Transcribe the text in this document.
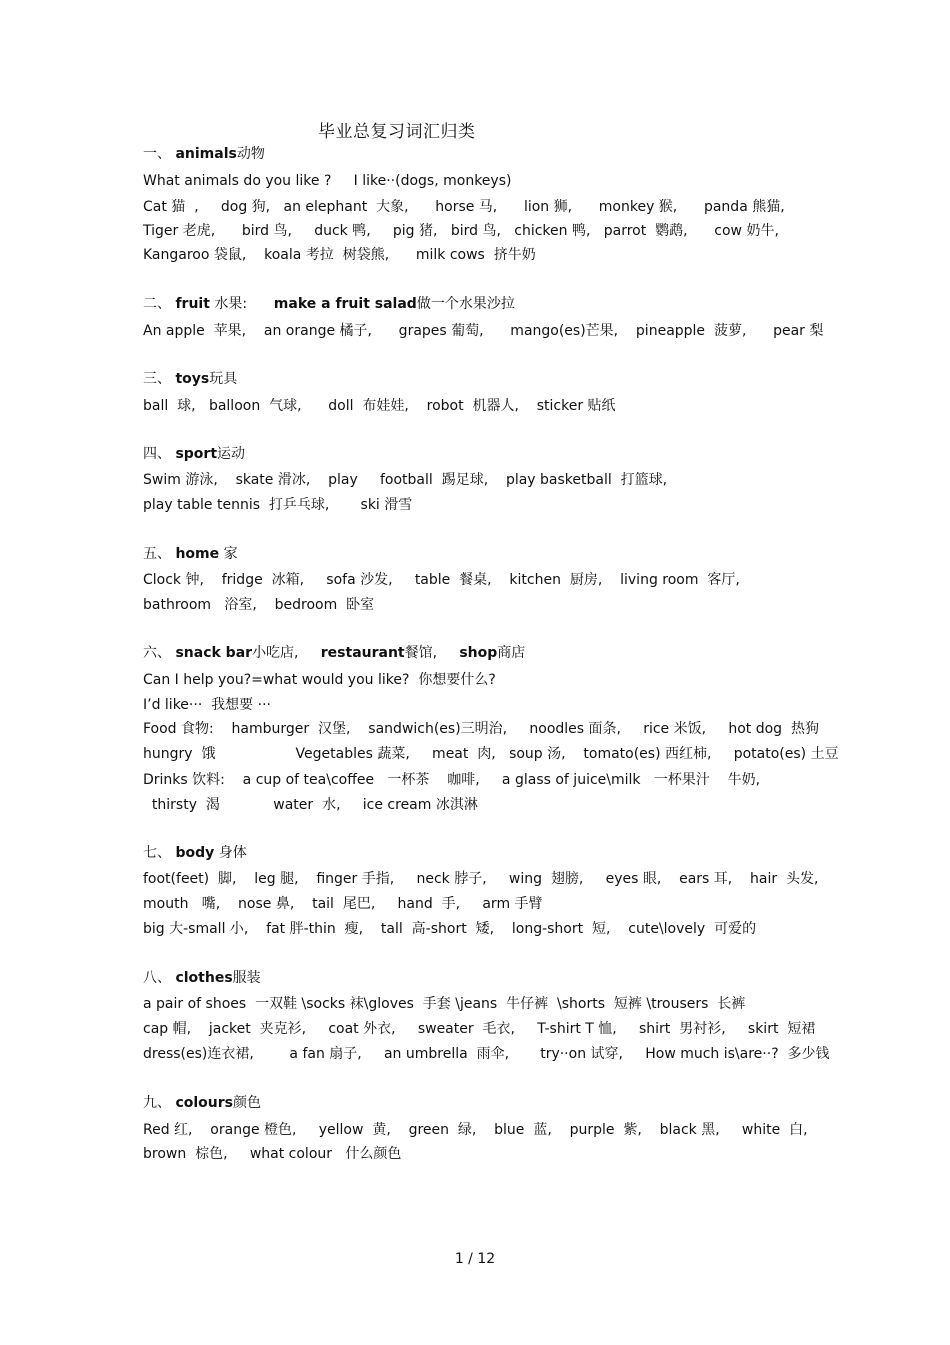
毕业总复习词汇归类
一、 animals动物
What animals do you like ?     I like··(dogs, monkeys)
Cat 猫  ,     dog 狗,   an elephant  大象,      horse 马,      lion 狮,      monkey 猴,      panda 熊猫,
Tiger 老虎,      bird 鸟,     duck 鸭,     pig 猪,   bird 鸟,   chicken 鸭,   parrot  鹦鹉,      cow 奶牛,
Kangaroo 袋鼠,    koala 考拉  树袋熊,      milk cows  挤牛奶
二、 fruit 水果:      make a fruit salad做一个水果沙拉
An apple  苹果,    an orange 橘子,      grapes 葡萄,      mango(es)芒果,    pineapple  菠萝,      pear 梨
三、 toys玩具
ball  球,   balloon  气球,      doll  布娃娃,    robot  机器人,    sticker 贴纸
四、 sport运动
Swim 游泳,    skate 滑冰,    play     football  踢足球,    play basketball  打篮球,
play table tennis  打乒乓球,       ski 滑雪
五、 home 家
Clock 钟,    fridge  冰箱,     sofa 沙发,     table  餐桌,    kitchen  厨房,    living room  客厅,
bathroom   浴室,    bedroom  卧室
六、 snack bar小吃店,     restaurant餐馆,     shop商店
Can I help you?=what would you like?  你想要什么?
I’d like···  我想要 ···
Food 食物:    hamburger  汉堡,    sandwich(es)三明治,     noodles 面条,     rice 米饭,     hot dog  热狗
hungry  饿                  Vegetables 蔬菜,     meat  肉,   soup 汤,    tomato(es) 西红柿,     potato(es) 土豆
Drinks 饮料:    a cup of tea\coffee   一杯茶    咖啡,     a glass of juice\milk   一杯果汁    牛奶,
thirsty  渴            water  水,     ice cream 冰淇淋
七、 body 身体
foot(feet)  脚,    leg 腿,    finger 手指,     neck 脖子,     wing  翅膀,     eyes 眼,    ears 耳,    hair  头发,
mouth   嘴,    nose 鼻,    tail  尾巴,     hand  手,     arm 手臂
big 大-small 小,    fat 胖-thin  瘦,    tall  高-short  矮,    long-short  短,    cute\lovely  可爱的
八、 clothes服装
a pair of shoes  一双鞋 \socks 袜\gloves  手套 \jeans  牛仔裤  \shorts  短裤 \trousers  长裤
cap 帽,    jacket  夹克衫,     coat 外衣,     sweater  毛衣,     T-shirt T 恤,     shirt  男衬衫,     skirt  短裙
dress(es)连衣裙,        a fan 扇子,     an umbrella  雨伞,       try··on 试穿,     How much is\are··?  多少钱
九、 colours颜色
Red 红,    orange 橙色,     yellow  黄,    green  绿,    blue  蓝,    purple  紫,    black 黑,     white  白,
brown  棕色,     what colour   什么颜色
1 / 12
